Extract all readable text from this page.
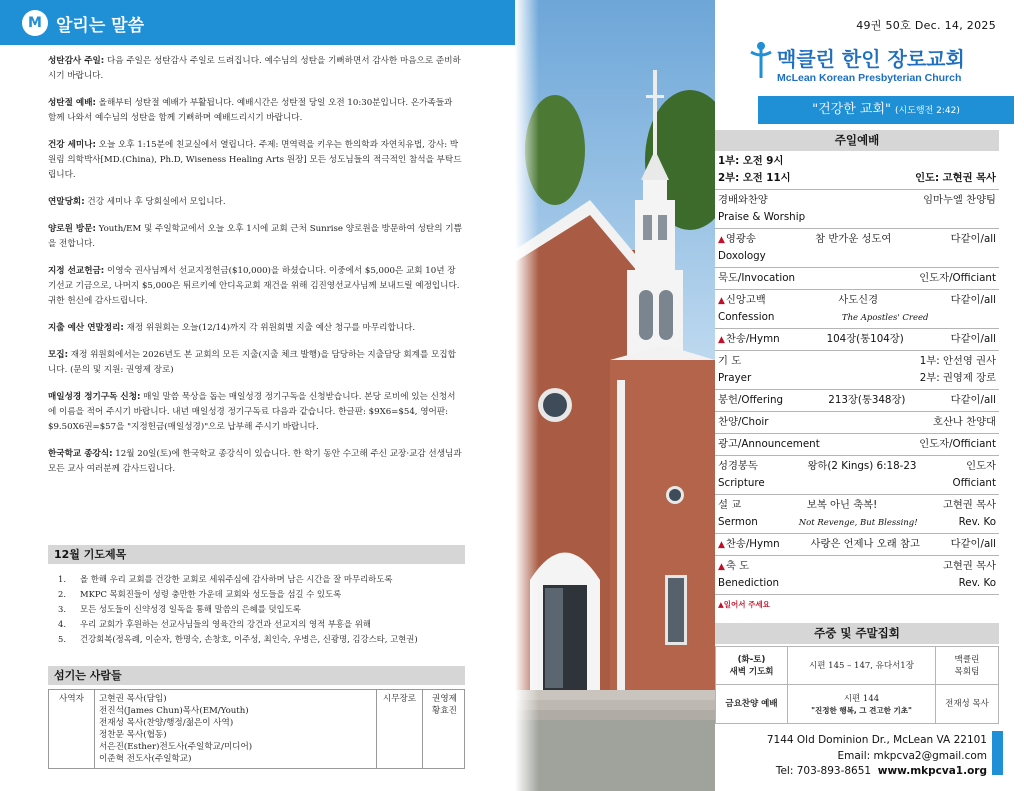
M 알리는 말씀

성탄감사 주일: 다음 주일은 성탄감사 주일로 드려집니다. 예수님의 성탄을 기뻐하면서 감사한 마음으로 준비하시기 바랍니다.

성탄절 예배: 올해부터 성탄절 예배가 부활됩니다. 예배시간은 성탄절 당일 오전 10:30분입니다. 온가족들과 함께 나와서 예수님의 성탄을 함께 기뻐하며 예배드리시기 바랍니다.

건강 세미나: 오늘 오후 1:15분에 친교실에서 열립니다. 주제: 면역력을 키우는 한의학과 자연치유법, 강사: 박원림 의학박사[MD.(China), Ph.D, Wiseness Healing Arts 원장] 모든 성도님들의 적극적인 참석을 부탁드립니다.

연말당회: 건강 세미나 후 당회실에서 모입니다.

양로원 방문: Youth/EM 및 주일학교에서 오늘 오후 1시에 교회 근처 Sunrise 양로원을 방문하여 성탄의 기쁨을 전합니다.

지정 선교헌금: 이영숙 권사님께서 선교지정헌금($10,000)을 하셨습니다. 이중에서 $5,000은 교회 10년 장기선교 기금으로, 나머지 $5,000은 튀르키예 안디옥교회 재건을 위해 김진영선교사님께 보내드릴 예정입니다. 귀한 헌신에 감사드립니다.

지출 예산 연말정리: 재정 위원회는 오늘(12/14)까지 각 위원회별 지출 예산 청구를 마무리합니다.

모집: 재정 위원회에서는 2026년도 본 교회의 모든 지출(지출 체크 발행)을 담당하는 지출담당 회계를 모집합니다. (문의 및 지원: 권영제 장로)

매일성경 정기구독 신청: 매일 말씀 묵상을 돕는 매일성경 정기구독을 신청받습니다. 본당 로비에 있는 신청서에 이름을 적어 주시기 바랍니다. 내년 매일성경 정기구독료 다음과 같습니다. 한글판: $9X6=$54, 영어판: $9.50X6권=$57을 "지정헌금(매일성경)"으로 납부해 주시기 바랍니다.

한국학교 종강식: 12월 20일(토)에 한국학교 종강식이 있습니다. 한 학기 동안 수고해 주신 교장·교감 선생님과 모든 교사 여러분께 감사드립니다.

12월 기도제목
1.	올 한해 우리 교회를 건강한 교회로 세워주심에 감사하며 남은 시간을 잘 마무리하도록
2.	MKPC 목회진들이 성령 충만한 가운데 교회와 성도들을 섬길 수 있도록
3.	모든 성도들이 신약성경 일독을 통해 말씀의 은혜를 덧입도록
4.	우리 교회가 후원하는 선교사님들의 영육간의 강건과 선교지의 영적 부흥을 위해
5.	건강회복(정옥례, 이순자, 한명숙, 손창호, 이주성, 최인숙, 우병은, 신광명, 김강스타, 고현권)
섬기는 사람들
사역자	고현권 목사(담임)
전진석(James Chun)목사(EM/Youth)
전재성 목사(찬양/행정/젊은이 사역)
정찬문 목사(협동)
서은진(Esther)전도사(주일학교/미디어)
이준혁 전도사(주일학교)
시무장로	권영제
황효진
49권 50호 Dec. 14, 2025
맥클린 한인 장로교회
McLean Korean Presbyterian Church
"건강한 교회" (시도행전 2:42)
주일예배
1부: 오전 9시
2부: 오전 11시	인도: 고현권 목사
경배와찬양	임마누엘 찬양팀
Praise & Worship
▲영광송	참 반가운 성도여	다같이/all
Doxology
묵도/Invocation	인도자/Officiant
▲신앙고백	사도신경	다같이/all
Confession	The Apostles' Creed
▲찬송/Hymn	104장(통104장)	다같이/all
기 도	1부: 안선영 권사
Prayer	2부: 권영제 장로
봉헌/Offering	213장(통348장)	다같이/all
찬양/Choir	호산나 찬양대
광고/Announcement	인도자/Officiant
성경봉독	왕하(2 Kings) 6:18-23	인도자
Scripture	Officiant
설 교	보복 아닌 축복!	고현권 목사
Sermon	Not Revenge, But Blessing!	Rev. Ko
▲찬송/Hymn	사랑은 언제나 오래 참고	다같이/all
▲축 도	고현권 목사
Benediction	Rev. Ko
▲일어서 주세요
주중 및 주말집회
(화-토)
새벽 기도회
시편 145 – 147, 유다서1장
맥클린
목회팀
금요찬양 예배
시편 144
"진정한 행복, 그 견고한 기초"
전재성 목사
7144 Old Dominion Dr., McLean VA 22101
Email: mkpcva2@gmail.com
Tel: 703-893-8651 www.mkpcva1.org
